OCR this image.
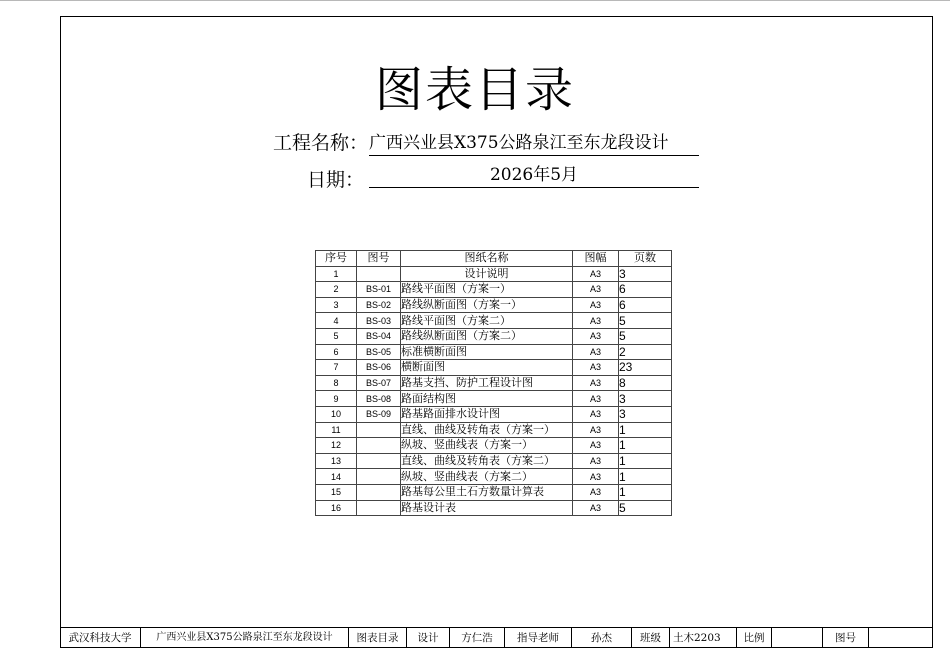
图表目录
工程名称： 广西兴业县X375公路泉江至东龙段设计
日期：	2026年5月
序号	图号	图纸名称	图幅	页数
1		设计说明	A3	3
2	BS-01	路线平面图（方案一）	A3	6
3	BS-02	路线纵断面图（方案一）	A3	6
4	BS-03	路线平面图（方案二）	A3	5
5	BS-04	路线纵断面图（方案二）	A3	5
6	BS-05	标准横断面图	A3	2
7	BS-06	横断面图	A3	23
8	BS-07	路基支挡、防护工程设计图	A3	8
9	BS-08	路面结构图	A3	3
10	BS-09	路基路面排水设计图	A3	3
11		直线、曲线及转角表（方案一）	A3	1
12		纵坡、竖曲线表（方案一）	A3	1
13		直线、曲线及转角表（方案二）	A3	1
14		纵坡、竖曲线表（方案二）	A3	1
15		路基每公里土石方数量计算表	A3	1
16		路基设计表	A3	5
武汉科技大学	广西兴业县X375公路泉江至东龙段设计	图表目录	设计	方仁浩	指导老师	孙杰	班级	土木2203	比例	图号
